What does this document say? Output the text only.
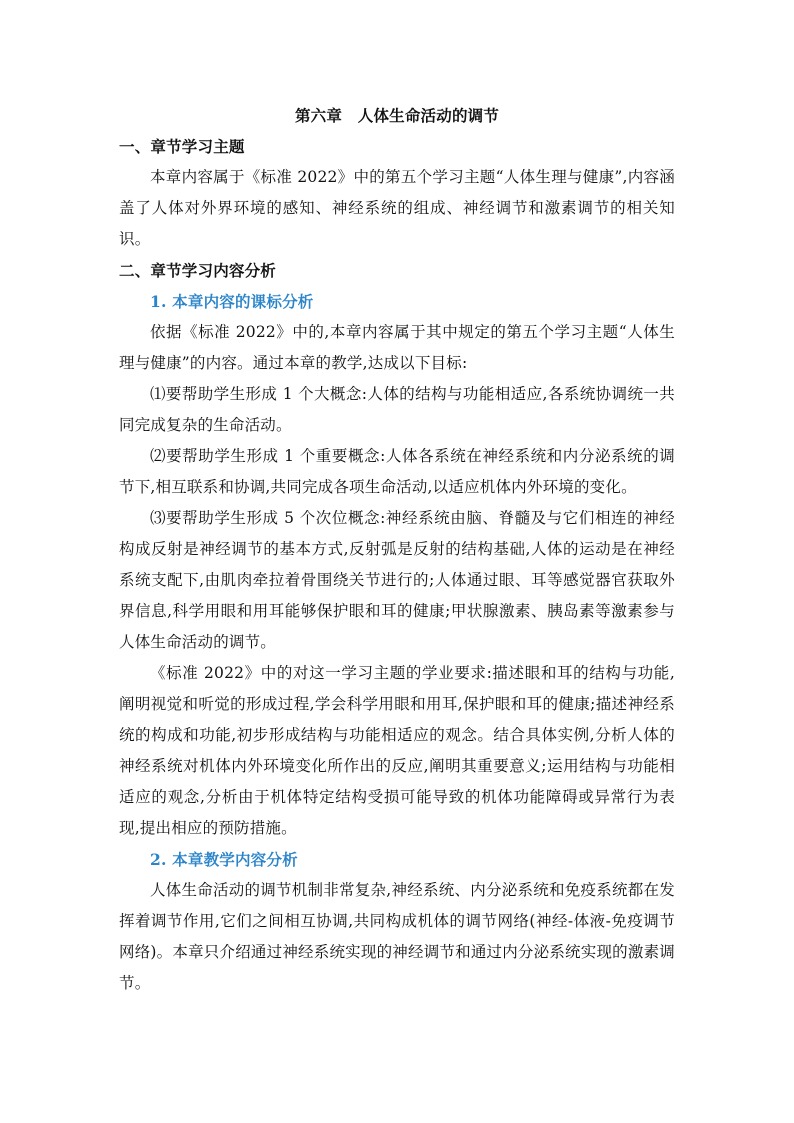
第六章　人体生命活动的调节
一、章节学习主题

本章内容属于《标准 2022》中的第五个学习主题“人体生理与健康”,内容涵盖了人体对外界环境的感知、神经系统的组成、神经调节和激素调节的相关知识。

二、章节学习内容分析
1. 本章内容的课标分析

依据《标准 2022》中的,本章内容属于其中规定的第五个学习主题“人体生理与健康”的内容。通过本章的教学,达成以下目标:

⑴要帮助学生形成 1 个大概念:人体的结构与功能相适应,各系统协调统一共同完成复杂的生命活动。

⑵要帮助学生形成 1 个重要概念:人体各系统在神经系统和内分泌系统的调节下,相互联系和协调,共同完成各项生命活动,以适应机体内外环境的变化。

⑶要帮助学生形成 5 个次位概念:神经系统由脑、脊髓及与它们相连的神经构成反射是神经调节的基本方式,反射弧是反射的结构基础,人体的运动是在神经系统支配下,由肌肉牵拉着骨围绕关节进行的;人体通过眼、耳等感觉器官获取外界信息,科学用眼和用耳能够保护眼和耳的健康;甲状腺激素、胰岛素等激素参与人体生命活动的调节。

《标准 2022》中的对这一学习主题的学业要求:描述眼和耳的结构与功能,阐明视觉和听觉的形成过程,学会科学用眼和用耳,保护眼和耳的健康;描述神经系统的构成和功能,初步形成结构与功能相适应的观念。结合具体实例,分析人体的神经系统对机体内外环境变化所作出的反应,阐明其重要意义;运用结构与功能相适应的观念,分析由于机体特定结构受损可能导致的机体功能障碍或异常行为表现,提出相应的预防措施。

2. 本章教学内容分析

人体生命活动的调节机制非常复杂,神经系统、内分泌系统和免疫系统都在发挥着调节作用,它们之间相互协调,共同构成机体的调节网络(神经-体液-免疫调节网络)。本章只介绍通过神经系统实现的神经调节和通过内分泌系统实现的激素调节。
